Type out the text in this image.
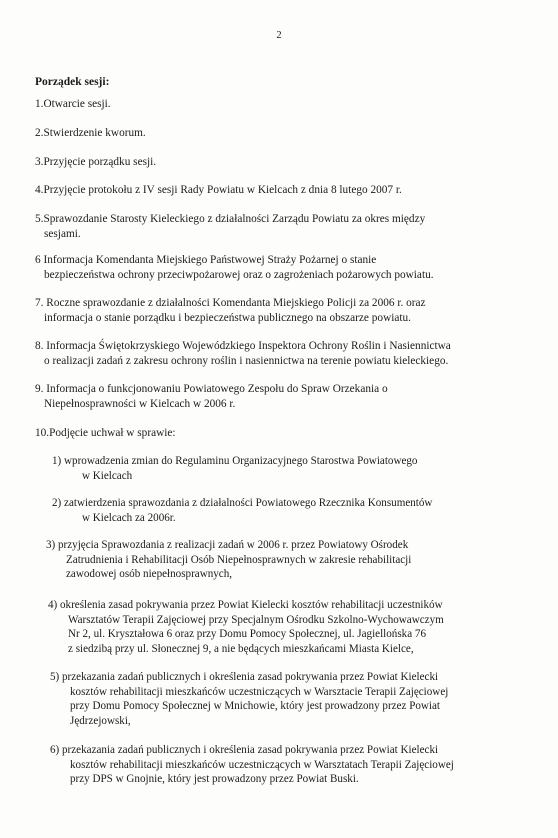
2
Porządek sesji:
1.Otwarcie sesji.
2.Stwierdzenie kworum.
3.Przyjęcie porządku sesji.
4.Przyjęcie protokołu z IV sesji Rady Powiatu w Kielcach z dnia 8 lutego 2007 r.
5.Sprawozdanie Starosty Kieleckiego z działalności Zarządu Powiatu za okres między
sesjami.
6 Informacja Komendanta Miejskiego Państwowej Straży Pożarnej o stanie
bezpieczeństwa ochrony przeciwpożarowej oraz o zagrożeniach pożarowych powiatu.
7. Roczne sprawozdanie z działalności Komendanta Miejskiego Policji za 2006 r. oraz
informacja o stanie porządku i bezpieczeństwa publicznego na obszarze powiatu.
8. Informacja Świętokrzyskiego Wojewódzkiego Inspektora Ochrony Roślin i Nasiennictwa
o realizacji zadań z zakresu ochrony roślin i nasiennictwa na terenie powiatu kieleckiego.
9. Informacja o funkcjonowaniu Powiatowego Zespołu do Spraw Orzekania o
Niepełnosprawności w Kielcach w 2006 r.
10.Podjęcie uchwał w sprawie:
1) wprowadzenia zmian do Regulaminu Organizacyjnego Starostwa Powiatowego
w Kielcach
2) zatwierdzenia sprawozdania z działalności Powiatowego Rzecznika Konsumentów
w Kielcach za 2006r.
3) przyjęcia Sprawozdania z realizacji zadań w 2006 r. przez Powiatowy Ośrodek
Zatrudnienia i Rehabilitacji Osób Niepełnosprawnych w zakresie rehabilitacji
zawodowej osób niepełnosprawnych,
4) określenia zasad pokrywania przez Powiat Kielecki kosztów rehabilitacji uczestników
Warsztatów Terapii Zajęciowej przy Specjalnym Ośrodku Szkolno-Wychowawczym
Nr 2, ul. Kryształowa 6 oraz przy Domu Pomocy Społecznej, ul. Jagiellońska 76
z siedzibą przy ul. Słonecznej 9, a nie będących mieszkańcami Miasta Kielce,
5) przekazania zadań publicznych i określenia zasad pokrywania przez Powiat Kielecki
kosztów rehabilitacji mieszkańców uczestniczących w Warsztacie Terapii Zajęciowej
przy Domu Pomocy Społecznej w Mnichowie, który jest prowadzony przez Powiat
Jędrzejowski,
6) przekazania zadań publicznych i określenia zasad pokrywania przez Powiat Kielecki
kosztów rehabilitacji mieszkańców uczestniczących w Warsztatach Terapii Zajęciowej
przy DPS w Gnojnie, który jest prowadzony przez Powiat Buski.
